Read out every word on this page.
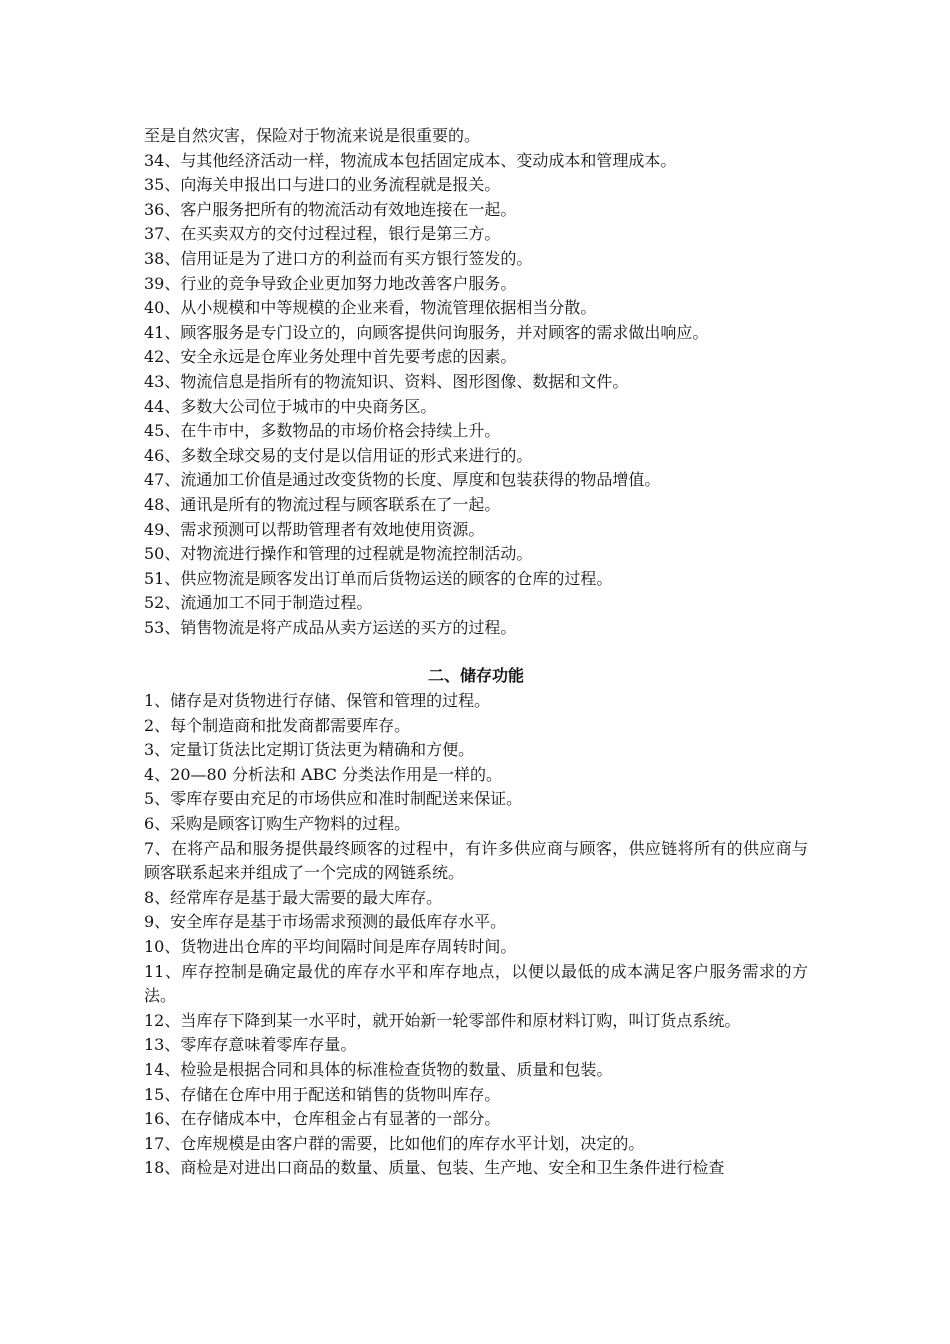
至是自然灾害，保险对于物流来说是很重要的。
34、与其他经济活动一样，物流成本包括固定成本、变动成本和管理成本。
35、向海关申报出口与进口的业务流程就是报关。
36、客户服务把所有的物流活动有效地连接在一起。
37、在买卖双方的交付过程过程，银行是第三方。
38、信用证是为了进口方的利益而有买方银行签发的。
39、行业的竞争导致企业更加努力地改善客户服务。
40、从小规模和中等规模的企业来看，物流管理依据相当分散。
41、顾客服务是专门设立的，向顾客提供问询服务，并对顾客的需求做出响应。
42、安全永远是仓库业务处理中首先要考虑的因素。
43、物流信息是指所有的物流知识、资料、图形图像、数据和文件。
44、多数大公司位于城市的中央商务区。
45、在牛市中，多数物品的市场价格会持续上升。
46、多数全球交易的支付是以信用证的形式来进行的。
47、流通加工价值是通过改变货物的长度、厚度和包装获得的物品增值。
48、通讯是所有的物流过程与顾客联系在了一起。
49、需求预测可以帮助管理者有效地使用资源。
50、对物流进行操作和管理的过程就是物流控制活动。
51、供应物流是顾客发出订单而后货物运送的顾客的仓库的过程。
52、流通加工不同于制造过程。
53、销售物流是将产成品从卖方运送的买方的过程。
二、储存功能
1、储存是对货物进行存储、保管和管理的过程。
2、每个制造商和批发商都需要库存。
3、定量订货法比定期订货法更为精确和方便。
4、20—80 分析法和 ABC 分类法作用是一样的。
5、零库存要由充足的市场供应和准时制配送来保证。
6、采购是顾客订购生产物料的过程。
7、在将产品和服务提供最终顾客的过程中，有许多供应商与顾客，供应链将所有的供应商与顾客联系起来并组成了一个完成的网链系统。
8、经常库存是基于最大需要的最大库存。
9、安全库存是基于市场需求预测的最低库存水平。
10、货物进出仓库的平均间隔时间是库存周转时间。
11、库存控制是确定最优的库存水平和库存地点，以便以最低的成本满足客户服务需求的方法。
12、当库存下降到某一水平时，就开始新一轮零部件和原材料订购，叫订货点系统。
13、零库存意味着零库存量。
14、检验是根据合同和具体的标准检查货物的数量、质量和包装。
15、存储在仓库中用于配送和销售的货物叫库存。
16、在存储成本中，仓库租金占有显著的一部分。
17、仓库规模是由客户群的需要，比如他们的库存水平计划，决定的。
18、商检是对进出口商品的数量、质量、包装、生产地、安全和卫生条件进行检查
